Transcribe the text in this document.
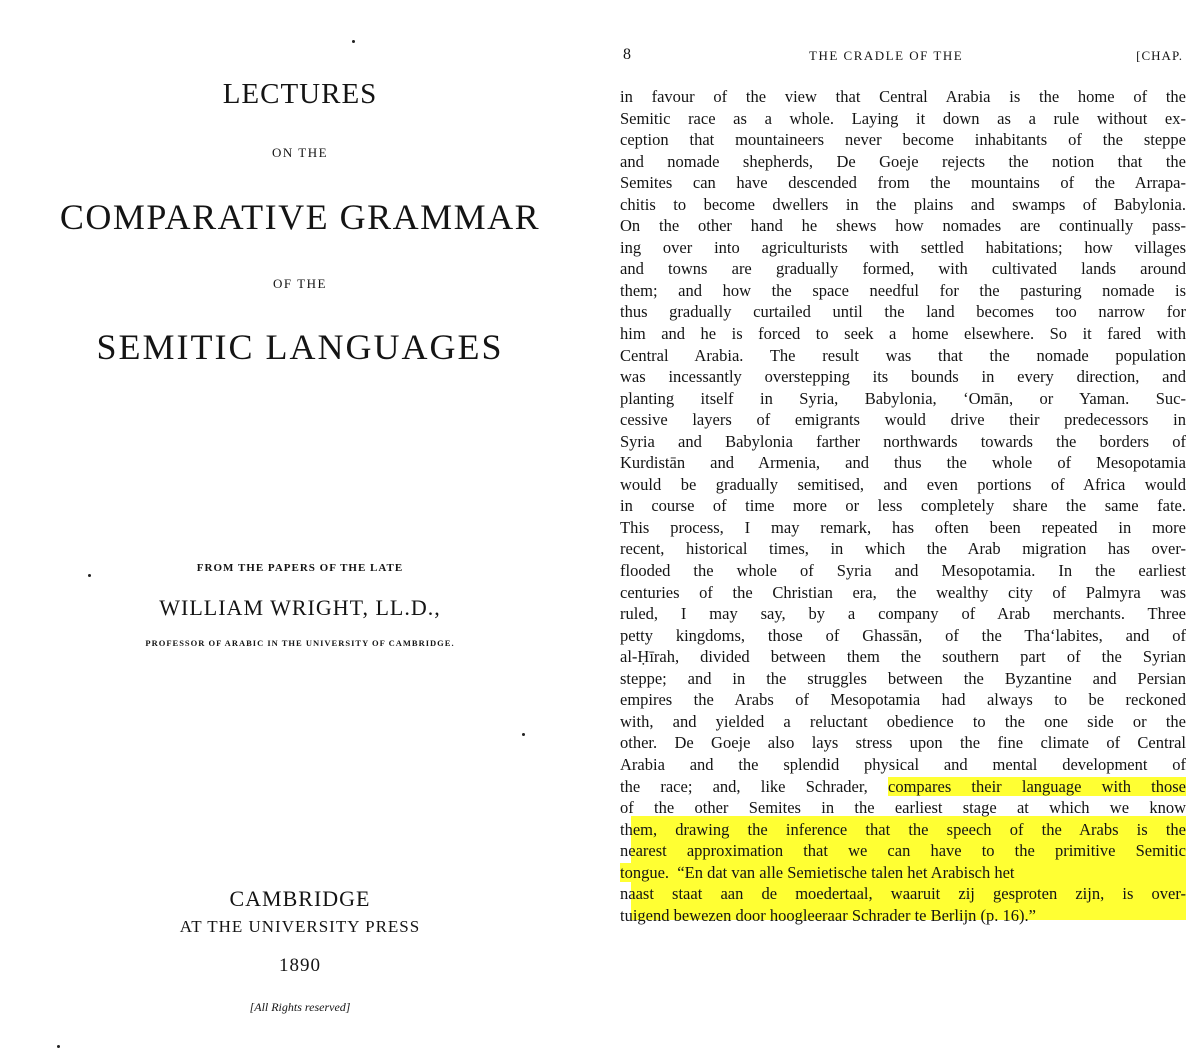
LECTURES
ON THE
COMPARATIVE GRAMMAR
OF THE
SEMITIC LANGUAGES
FROM THE PAPERS OF THE LATE
WILLIAM WRIGHT, LL.D.,
PROFESSOR OF ARABIC IN THE UNIVERSITY OF CAMBRIDGE.
CAMBRIDGE
AT THE UNIVERSITY PRESS
1890
[All Rights reserved]
8	THE CRADLE OF THE	[CHAP.
in favour of the view that Central Arabia is the home of the
Semitic race as a whole. Laying it down as a rule without ex-
ception that mountaineers never become inhabitants of the steppe
and nomade shepherds, De Goeje rejects the notion that the
Semites can have descended from the mountains of the Arrapa-
chitis to become dwellers in the plains and swamps of Babylonia.
On the other hand he shews how nomades are continually pass-
ing over into agriculturists with settled habitations; how villages
and towns are gradually formed, with cultivated lands around
them; and how the space needful for the pasturing nomade is
thus gradually curtailed until the land becomes too narrow for
him and he is forced to seek a home elsewhere. So it fared with
Central Arabia. The result was that the nomade population
was incessantly overstepping its bounds in every direction, and
planting itself in Syria, Babylonia, ‘Omān, or Yaman. Suc-
cessive layers of emigrants would drive their predecessors in
Syria and Babylonia farther northwards towards the borders of
Kurdistān and Armenia, and thus the whole of Mesopotamia
would be gradually semitised, and even portions of Africa would
in course of time more or less completely share the same fate.
This process, I may remark, has often been repeated in more
recent, historical times, in which the Arab migration has over-
flooded the whole of Syria and Mesopotamia. In the earliest
centuries of the Christian era, the wealthy city of Palmyra was
ruled, I may say, by a company of Arab merchants. Three
petty kingdoms, those of Ghassān, of the Tha‘labites, and of
al-Ḥīrah, divided between them the southern part of the Syrian
steppe; and in the struggles between the Byzantine and Persian
empires the Arabs of Mesopotamia had always to be reckoned
with, and yielded a reluctant obedience to the one side or the
other. De Goeje also lays stress upon the fine climate of Central
Arabia and the splendid physical and mental development of
the race; and, like Schrader, compares their language with those
of the other Semites in the earliest stage at which we know
them, drawing the inference that the speech of the Arabs is the
nearest approximation that we can have to the primitive Semitic
tongue.  “En dat van alle Semietische talen het Arabisch het
naast staat aan de moedertaal, waaruit zij gesproten zijn, is over-
tuigend bewezen door hoogleeraar Schrader te Berlijn (p. 16).”
